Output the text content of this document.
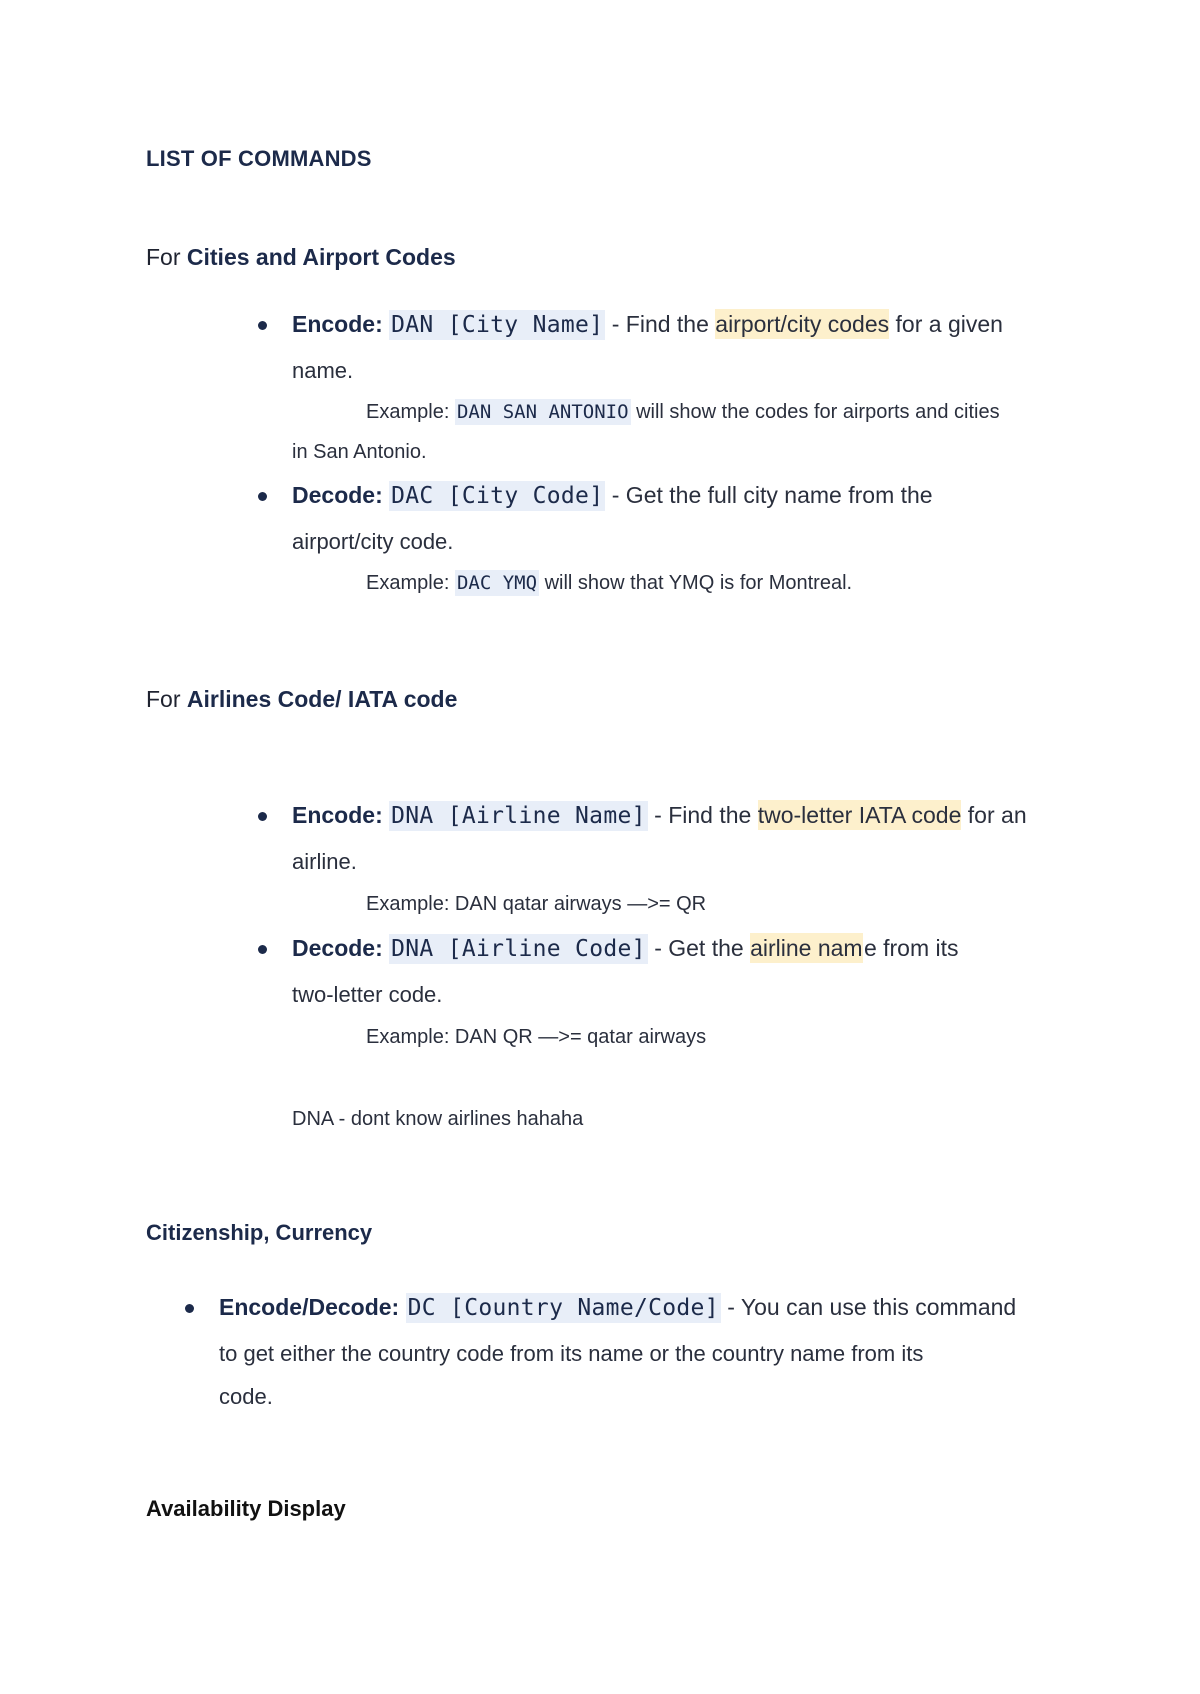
LIST OF COMMANDS
For Cities and Airport Codes
Encode: DAN [City Name] - Find the airport/city codes for a given
name.
Example: DAN SAN ANTONIO will show the codes for airports and cities
in San Antonio.
Decode: DAC [City Code] - Get the full city name from the
airport/city code.
Example: DAC YMQ will show that YMQ is for Montreal.
For Airlines Code/ IATA code
Encode: DNA [Airline Name] - Find the two-letter IATA code for an
airline.
Example: DAN qatar airways —>= QR
Decode: DNA [Airline Code] - Get the airline nam e from its
two-letter code.
Example: DAN QR —>= qatar airways
DNA - dont know airlines hahaha
Citizenship, Currency
Encode/Decode: DC [Country Name/Code] - You can use this command
to get either the country code from its name or the country name from its
code.
Availability Display
